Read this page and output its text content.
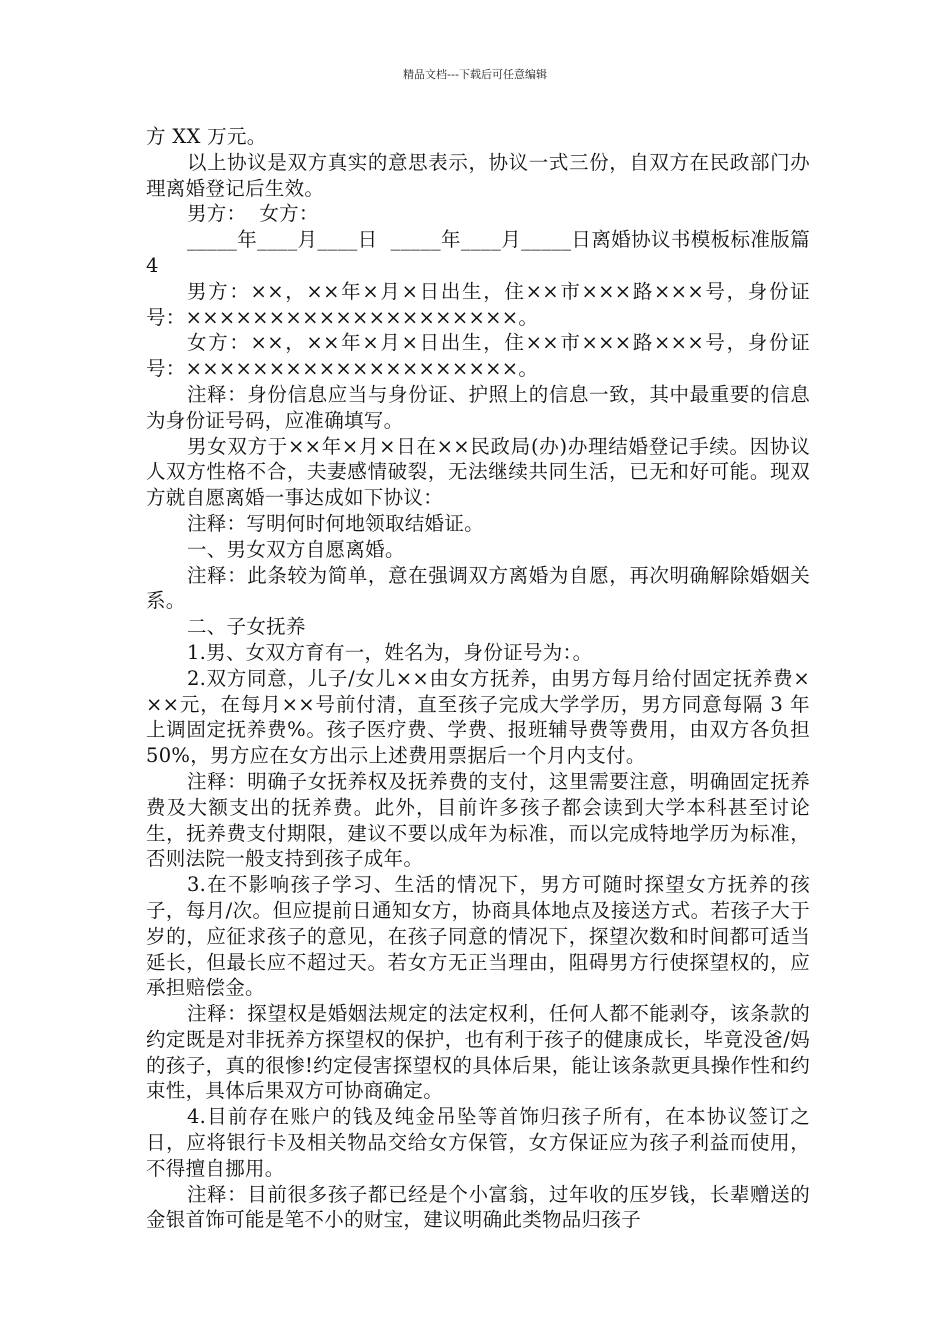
精品文档---下载后可任意编辑

方 XX 万元。

以上协议是双方真实的意思表示，协议一式三份，自双方在民政部门办理离婚登记后生效。

男方：  女方：

_____年____月____日  _____年____月_____日离婚协议书模板标准版篇 4

男方：××，××年×月×日出生，住××市×××路×××号，身份证号：××××××××××××××××××××。

女方：××，××年×月×日出生，住××市×××路×××号，身份证号：××××××××××××××××××××。

注释：身份信息应当与身份证、护照上的信息一致，其中最重要的信息为身份证号码，应准确填写。

男女双方于××年×月×日在××民政局(办)办理结婚登记手续。因协议人双方性格不合，夫妻感情破裂，无法继续共同生活，已无和好可能。现双方就自愿离婚一事达成如下协议：

注释：写明何时何地领取结婚证。

一、男女双方自愿离婚。

注释：此条较为简单，意在强调双方离婚为自愿，再次明确解除婚姻关系。

二、子女抚养

1.男、女双方育有一，姓名为，身份证号为：。

2.双方同意，儿子/女儿××由女方抚养，由男方每月给付固定抚养费×××元，在每月××号前付清，直至孩子完成大学学历，男方同意每隔 3 年上调固定抚养费%。孩子医疗费、学费、报班辅导费等费用，由双方各负担 50%，男方应在女方出示上述费用票据后一个月内支付。

注释：明确子女抚养权及抚养费的支付，这里需要注意，明确固定抚养费及大额支出的抚养费。此外，目前许多孩子都会读到大学本科甚至讨论生，抚养费支付期限，建议不要以成年为标准，而以完成特地学历为标准，否则法院一般支持到孩子成年。

3.在不影响孩子学习、生活的情况下，男方可随时探望女方抚养的孩子，每月/次。但应提前日通知女方，协商具体地点及接送方式。若孩子大于岁的，应征求孩子的意见，在孩子同意的情况下，探望次数和时间都可适当延长，但最长应不超过天。若女方无正当理由，阻碍男方行使探望权的，应承担赔偿金。

注释：探望权是婚姻法规定的法定权利，任何人都不能剥夺，该条款的约定既是对非抚养方探望权的保护，也有利于孩子的健康成长，毕竟没爸/妈的孩子，真的很惨!约定侵害探望权的具体后果，能让该条款更具操作性和约束性，具体后果双方可协商确定。

4.目前存在账户的钱及纯金吊坠等首饰归孩子所有，在本协议签订之日，应将银行卡及相关物品交给女方保管，女方保证应为孩子利益而使用，不得擅自挪用。

注释：目前很多孩子都已经是个小富翁，过年收的压岁钱，长辈赠送的金银首饰可能是笔不小的财宝，建议明确此类物品归孩子
